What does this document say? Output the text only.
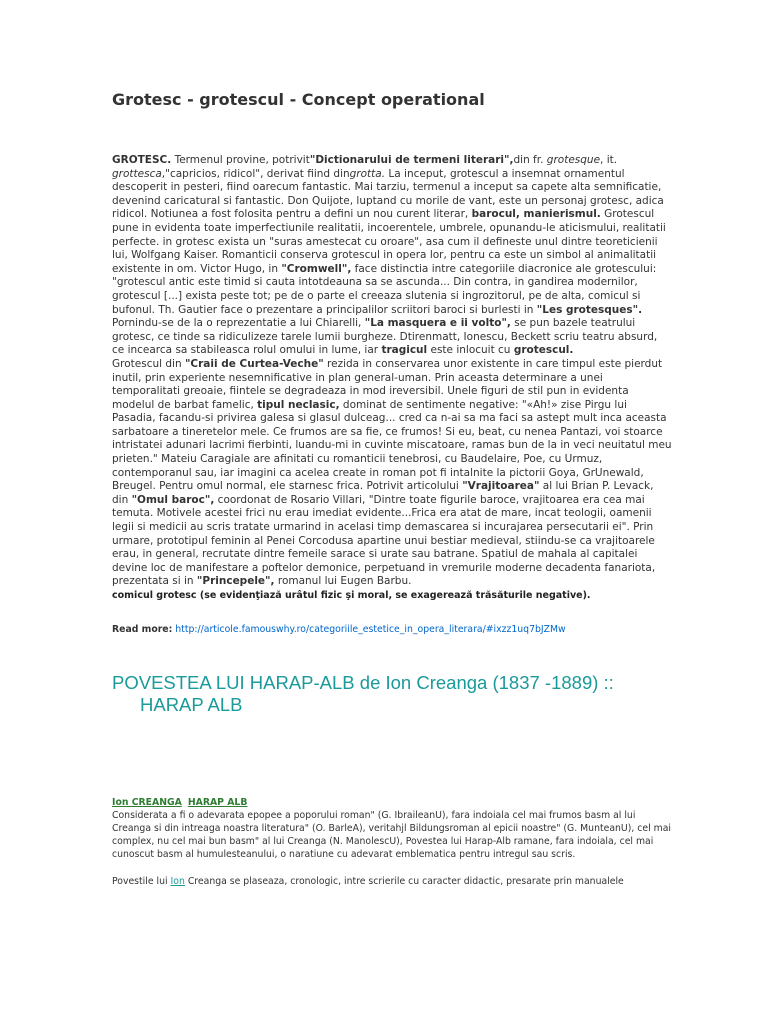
Grotesc - grotescul - Concept operational

GROTESC. Termenul provine, potrivit"Dictionarului de termeni literari",din fr. grotesque, it. grottesca,"capricios, ridicol", derivat fiind dingrotta. La inceput, grotescul a insemnat ornamentul descoperit in pesteri, fiind oarecum fantastic. Mai tarziu, termenul a inceput sa capete alta semnificatie, devenind caricatural si fantastic. Don Quijote, luptand cu morile de vant, este un personaj grotesc, adica ridicol. Notiunea a fost folosita pentru a defini un nou curent literar, barocul, manierismul. Grotescul pune in evidenta toate imperfectiunile realitatii, incoerentele, umbrele, opunandu-le aticismului, realitatii perfecte. in grotesc exista un "suras amestecat cu oroare", asa cum il defineste unul dintre teoreticienii lui, Wolfgang Kaiser. Romanticii conserva grotescul in opera lor, pentru ca este un simbol al animalitatii existente in om. Victor Hugo, in "Cromwell", face distinctia intre categoriile diacronice ale grotescului: "grotescul antic este timid si cauta intotdeauna sa se ascunda... Din contra, in gandirea modernilor, grotescul [...] exista peste tot; pe de o parte el creeaza slutenia si ingrozitorul, pe de alta, comicul si bufonul. Th. Gautier face o prezentare a principalilor scriitori baroci si burlesti in "Les grotesques". Pornindu-se de la o reprezentatie a lui Chiarelli, "La masquera e ii volto", se pun bazele teatrului grotesc, ce tinde sa ridiculizeze tarele lumii burgheze. Dtirenmatt, Ionescu, Beckett scriu teatru absurd, ce incearca sa stabileasca rolul omului in lume, iar tragicul este inlocuit cu grotescul.

Grotescul din "Craii de Curtea-Veche" rezida in conservarea unor existente in care timpul este pierdut inutil, prin experiente nesemnificative in plan general-uman. Prin aceasta determinare a unei temporalitati greoaie, fiintele se degradeaza in mod ireversibil. Unele figuri de stil pun in evidenta modelul de barbat famelic, tipul neclasic, dominat de sentimente negative: "«Ah!» zise Pirgu lui Pasadia, facandu-si privirea galesa si glasul dulceag... cred ca n-ai sa ma faci sa astept mult inca aceasta sarbatoare a tineretelor mele. Ce frumos are sa fie, ce frumos! Si eu, beat, cu nenea Pantazi, voi stoarce intristatei adunari lacrimi fierbinti, luandu-mi in cuvinte miscatoare, ramas bun de la in veci neuitatul meu prieten." Mateiu Caragiale are afinitati cu romanticii tenebrosi, cu Baudelaire, Poe, cu Urmuz, contemporanul sau, iar imagini ca acelea create in roman pot fi intalnite la pictorii Goya, GrUnewald, Breugel. Pentru omul normal, ele starnesc frica. Potrivit articolului "Vrajitoarea" al lui Brian P. Levack, din "Omul baroc", coordonat de Rosario Villari, "Dintre toate figurile baroce, vrajitoarea era cea mai temuta. Motivele acestei frici nu erau imediat evidente...Frica era atat de mare, incat teologii, oamenii legii si medicii au scris tratate urmarind in acelasi timp demascarea si incurajarea persecutarii ei". Prin urmare, prototipul feminin al Penei Corcodusa apartine unui bestiar medieval, stiindu-se ca vrajitoarele erau, in general, recrutate dintre femeile sarace si urate sau batrane. Spatiul de mahala al capitalei devine loc de manifestare a poftelor demonice, perpetuand in vremurile moderne decadenta fanariota, prezentata si in "Princepele", romanul lui Eugen Barbu.

comicul grotesc (se evidenţiază urâtul fizic şi moral, se exagerează trăsăturile negative).

Read more: http://articole.famouswhy.ro/categoriile_estetice_in_opera_literara/#ixzz1uq7bJZMw

POVESTEA LUI HARAP-ALB de Ion Creanga (1837 -1889) ::
HARAP ALB
Ion CREANGA HARAP ALB

Considerata a fi o adevarata epopee a poporului roman" (G. IbraileanU), fara indoiala cel mai frumos basm al lui Creanga si din intreaga noastra literatura" (O. BarleA), veritahjl Bildungsroman al epicii noastre" (G. MunteanU), cel mai complex, nu cel mai bun basm" al lui Creanga (N. ManolescU), Povestea lui Harap-Alb ramane, fara indoiala, cel mai cunoscut basm al humulesteanului, o naratiune cu adevarat emblematica pentru intregul sau scris.

Povestile lui Ion Creanga se plaseaza, cronologic, intre scrierile cu caracter didactic, presarate prin manualele
